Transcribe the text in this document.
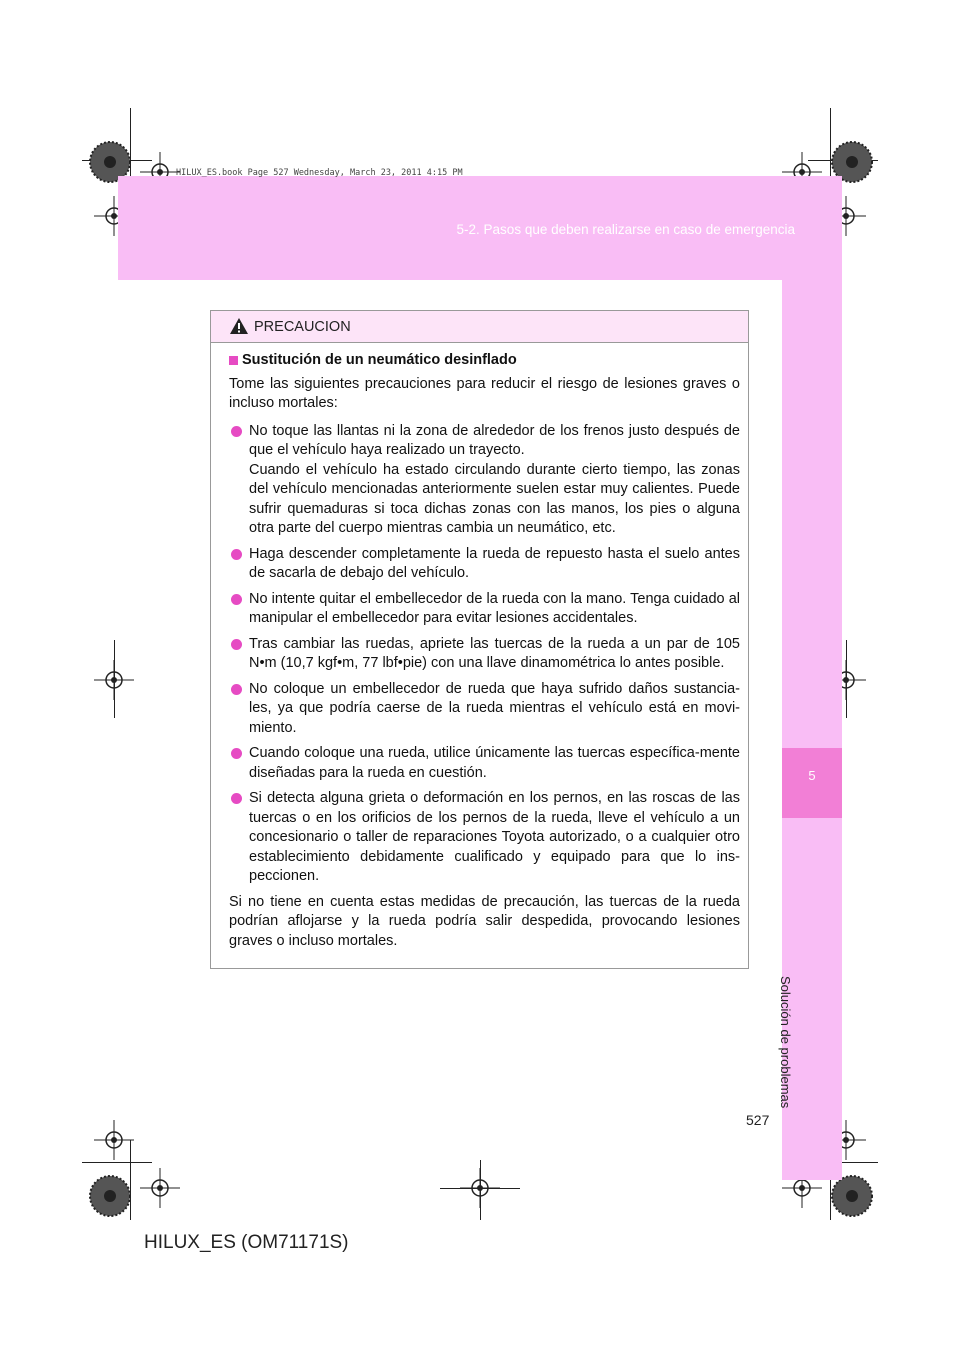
HILUX_ES.book Page 527 Wednesday, March 23, 2011 4:15 PM
5-2. Pasos que deben realizarse en caso de emergencia
5
Solución de problemas
PRECAUCION

Sustitución de un neumático desinflado

Tome las siguientes precauciones para reducir el riesgo de lesiones graves o incluso mortales:

No toque las llantas ni la zona de alrededor de los frenos justo después de que el vehículo haya realizado un trayecto.

Cuando el vehículo ha estado circulando durante cierto tiempo, las zonas del vehículo mencionadas anteriormente suelen estar muy calientes. Puede sufrir quemaduras si toca dichas zonas con las manos, los pies o alguna otra parte del cuerpo mientras cambia un neumático, etc.

Haga descender completamente la rueda de repuesto hasta el suelo antes de sacarla de debajo del vehículo.

No intente quitar el embellecedor de la rueda con la mano. Tenga cuidado al manipular el embellecedor para evitar lesiones accidentales.

Tras cambiar las ruedas, apriete las tuercas de la rueda a un par de 105 N•m (10,7 kgf•m, 77 lbf•pie) con una llave dinamométrica lo antes posible.

No coloque un embellecedor de rueda que haya sufrido daños sustancia-les, ya que podría caerse de la rueda mientras el vehículo está en movi-miento.

Cuando coloque una rueda, utilice únicamente las tuercas específica-mente diseñadas para la rueda en cuestión.

Si detecta alguna grieta o deformación en los pernos, en las roscas de las tuercas o en los orificios de los pernos de la rueda, lleve el vehículo a un concesionario o taller de reparaciones Toyota autorizado, o a cualquier otro establecimiento debidamente cualificado y equipado para que lo ins-peccionen.

Si no tiene en cuenta estas medidas de precaución, las tuercas de la rueda podrían aflojarse y la rueda podría salir despedida, provocando lesiones graves o incluso mortales.

527
HILUX_ES (OM71171S)
